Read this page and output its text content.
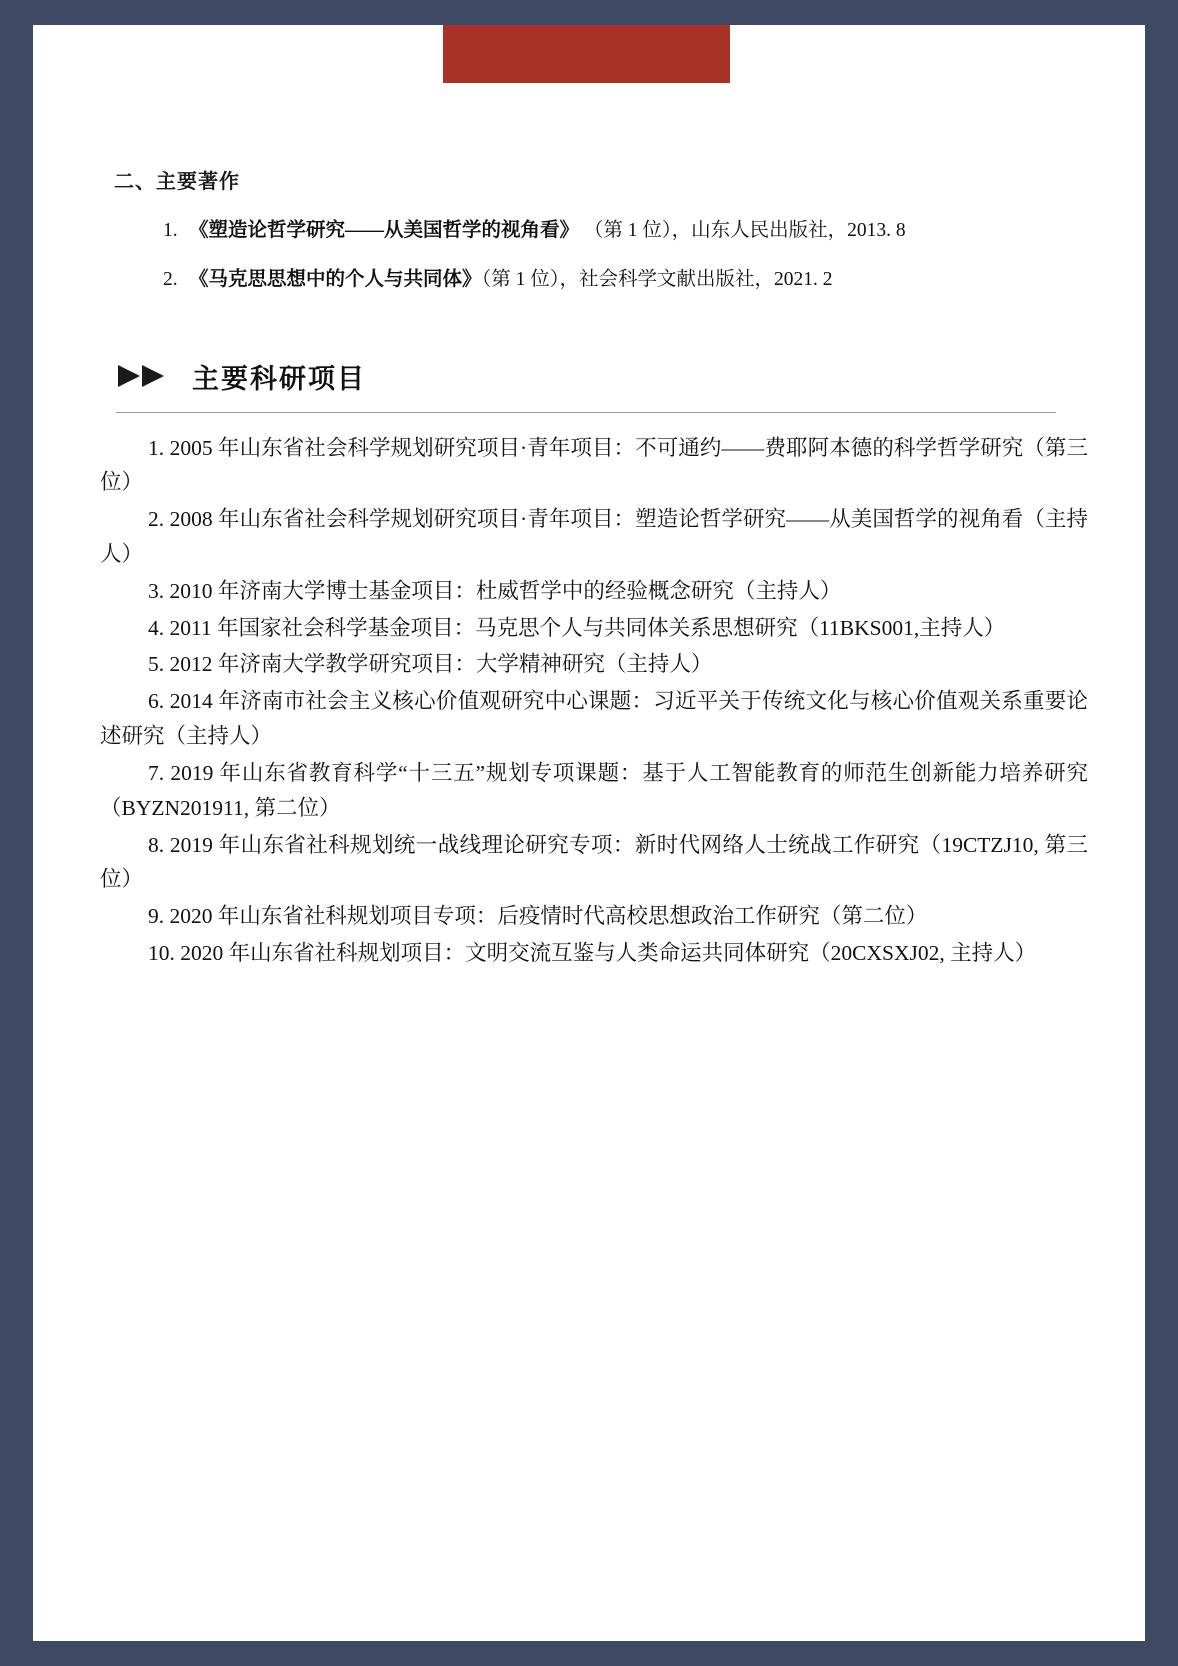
二、主要著作
1. 《塑造论哲学研究——从美国哲学的视角看》 （第 1 位），山东人民出版社，2013. 8
2. 《马克思思想中的个人与共同体》（第 1 位），社会科学文献出版社，2021. 2
主要科研项目
1. 2005 年山东省社会科学规划研究项目·青年项目：不可通约——费耶阿本德的科学哲学研究（第三位）
2. 2008 年山东省社会科学规划研究项目·青年项目：塑造论哲学研究——从美国哲学的视角看（主持人）
3. 2010 年济南大学博士基金项目：杜威哲学中的经验概念研究（主持人）
4. 2011 年国家社会科学基金项目：马克思个人与共同体关系思想研究（11BKS001,主持人）
5. 2012 年济南大学教学研究项目：大学精神研究（主持人）
6. 2014 年济南市社会主义核心价值观研究中心课题：习近平关于传统文化与核心价值观关系重要论述研究（主持人）
7. 2019 年山东省教育科学“十三五”规划专项课题：基于人工智能教育的师范生创新能力培养研究（BYZN201911, 第二位）
8. 2019 年山东省社科规划统一战线理论研究专项：新时代网络人士统战工作研究（19CTZJ10, 第三位）
9. 2020 年山东省社科规划项目专项：后疫情时代高校思想政治工作研究（第二位）
10. 2020 年山东省社科规划项目：文明交流互鉴与人类命运共同体研究（20CXSXJ02, 主持人）
